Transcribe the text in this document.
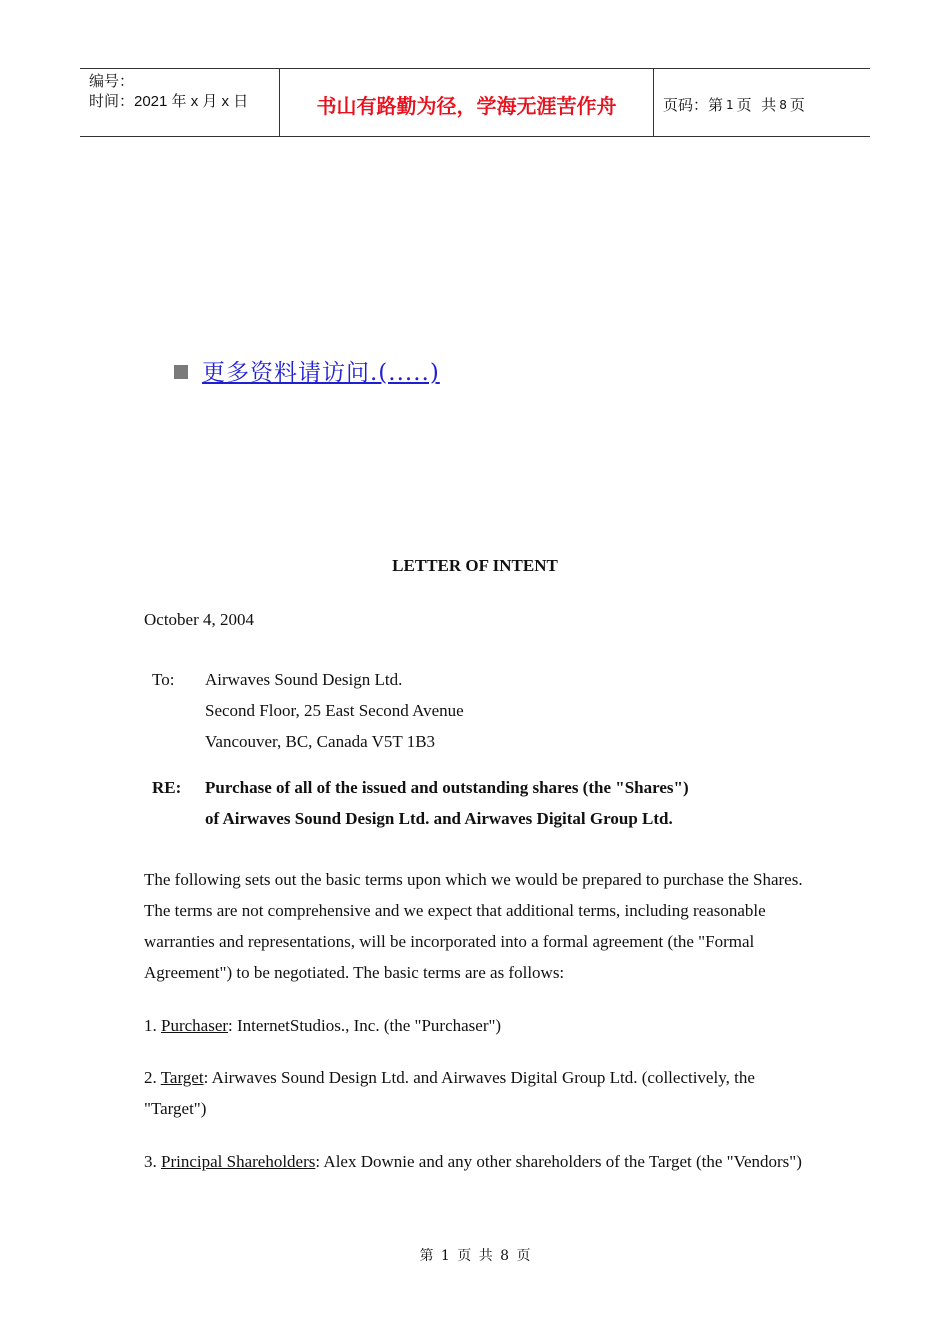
编号：
时间：2021 年 x 月 x 日	书山有路勤为径，学海无涯苦作舟	页码：第 1 页  共 8 页
更多资料请访问.(.....)
LETTER OF INTENT
October 4, 2004
To:	Airwaves Sound Design Ltd.
Second Floor, 25 East Second Avenue
Vancouver, BC, Canada V5T 1B3
RE:	Purchase of all of the issued and outstanding shares (the "Shares")
of Airwaves Sound Design Ltd. and Airwaves Digital Group Ltd.
The following sets out the basic terms upon which we would be prepared to purchase the Shares. The terms are not comprehensive and we expect that additional terms, including reasonable warranties and representations, will be incorporated into a formal agreement (the "Formal Agreement") to be negotiated. The basic terms are as follows:
1. Purchaser: InternetStudios., Inc. (the "Purchaser")
2. Target: Airwaves Sound Design Ltd. and Airwaves Digital Group Ltd. (collectively, the "Target")
3. Principal Shareholders: Alex Downie and any other shareholders of the Target (the "Vendors")
第 1 页 共 8 页
